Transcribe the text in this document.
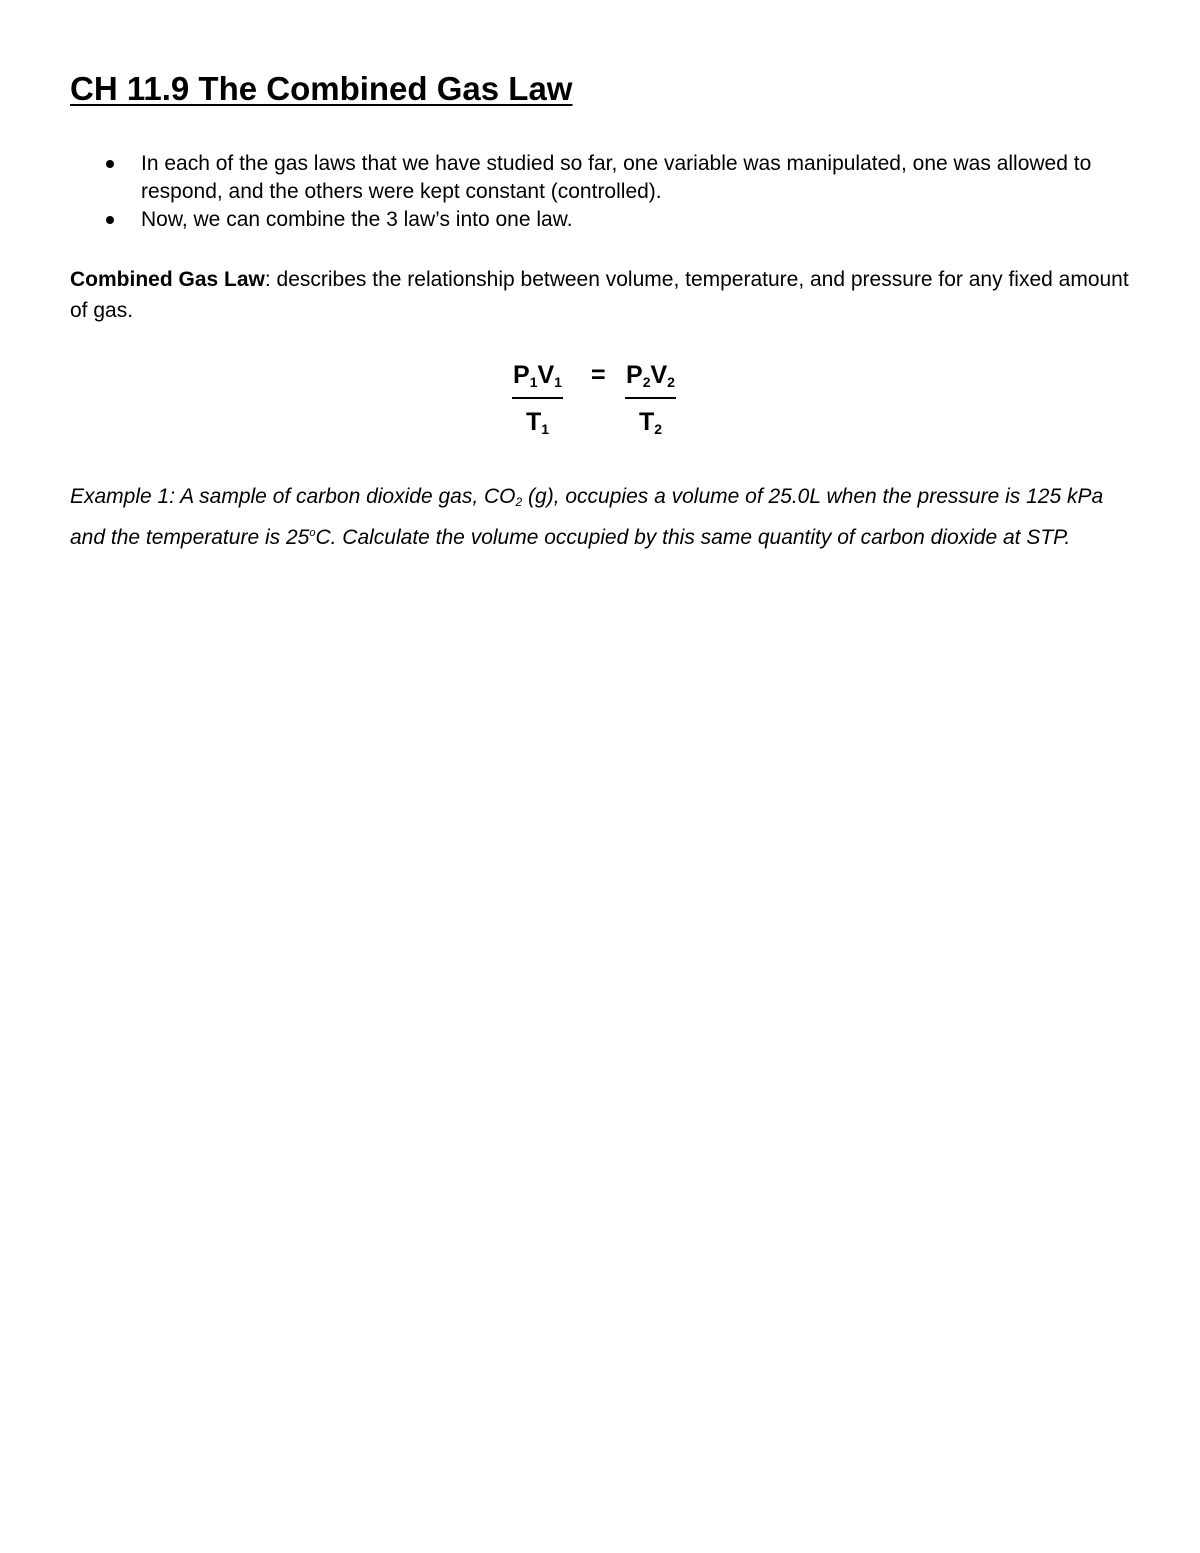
CH 11.9 The Combined Gas Law
In each of the gas laws that we have studied so far, one variable was manipulated, one was allowed to respond, and the others were kept constant (controlled).
Now, we can combine the 3 law’s into one law.

Combined Gas Law: describes the relationship between volume, temperature, and pressure for any fixed amount of gas.

$\frac{P_1V_1}{T_1} = \frac{P_2V_2}{T_2}$

Example 1: A sample of carbon dioxide gas, $CO_2$ (g), occupies a volume of 25.0L when the pressure is 125 kPa and the temperature is 25$^o$C. Calculate the volume occupied by this same quantity of carbon dioxide at STP.
